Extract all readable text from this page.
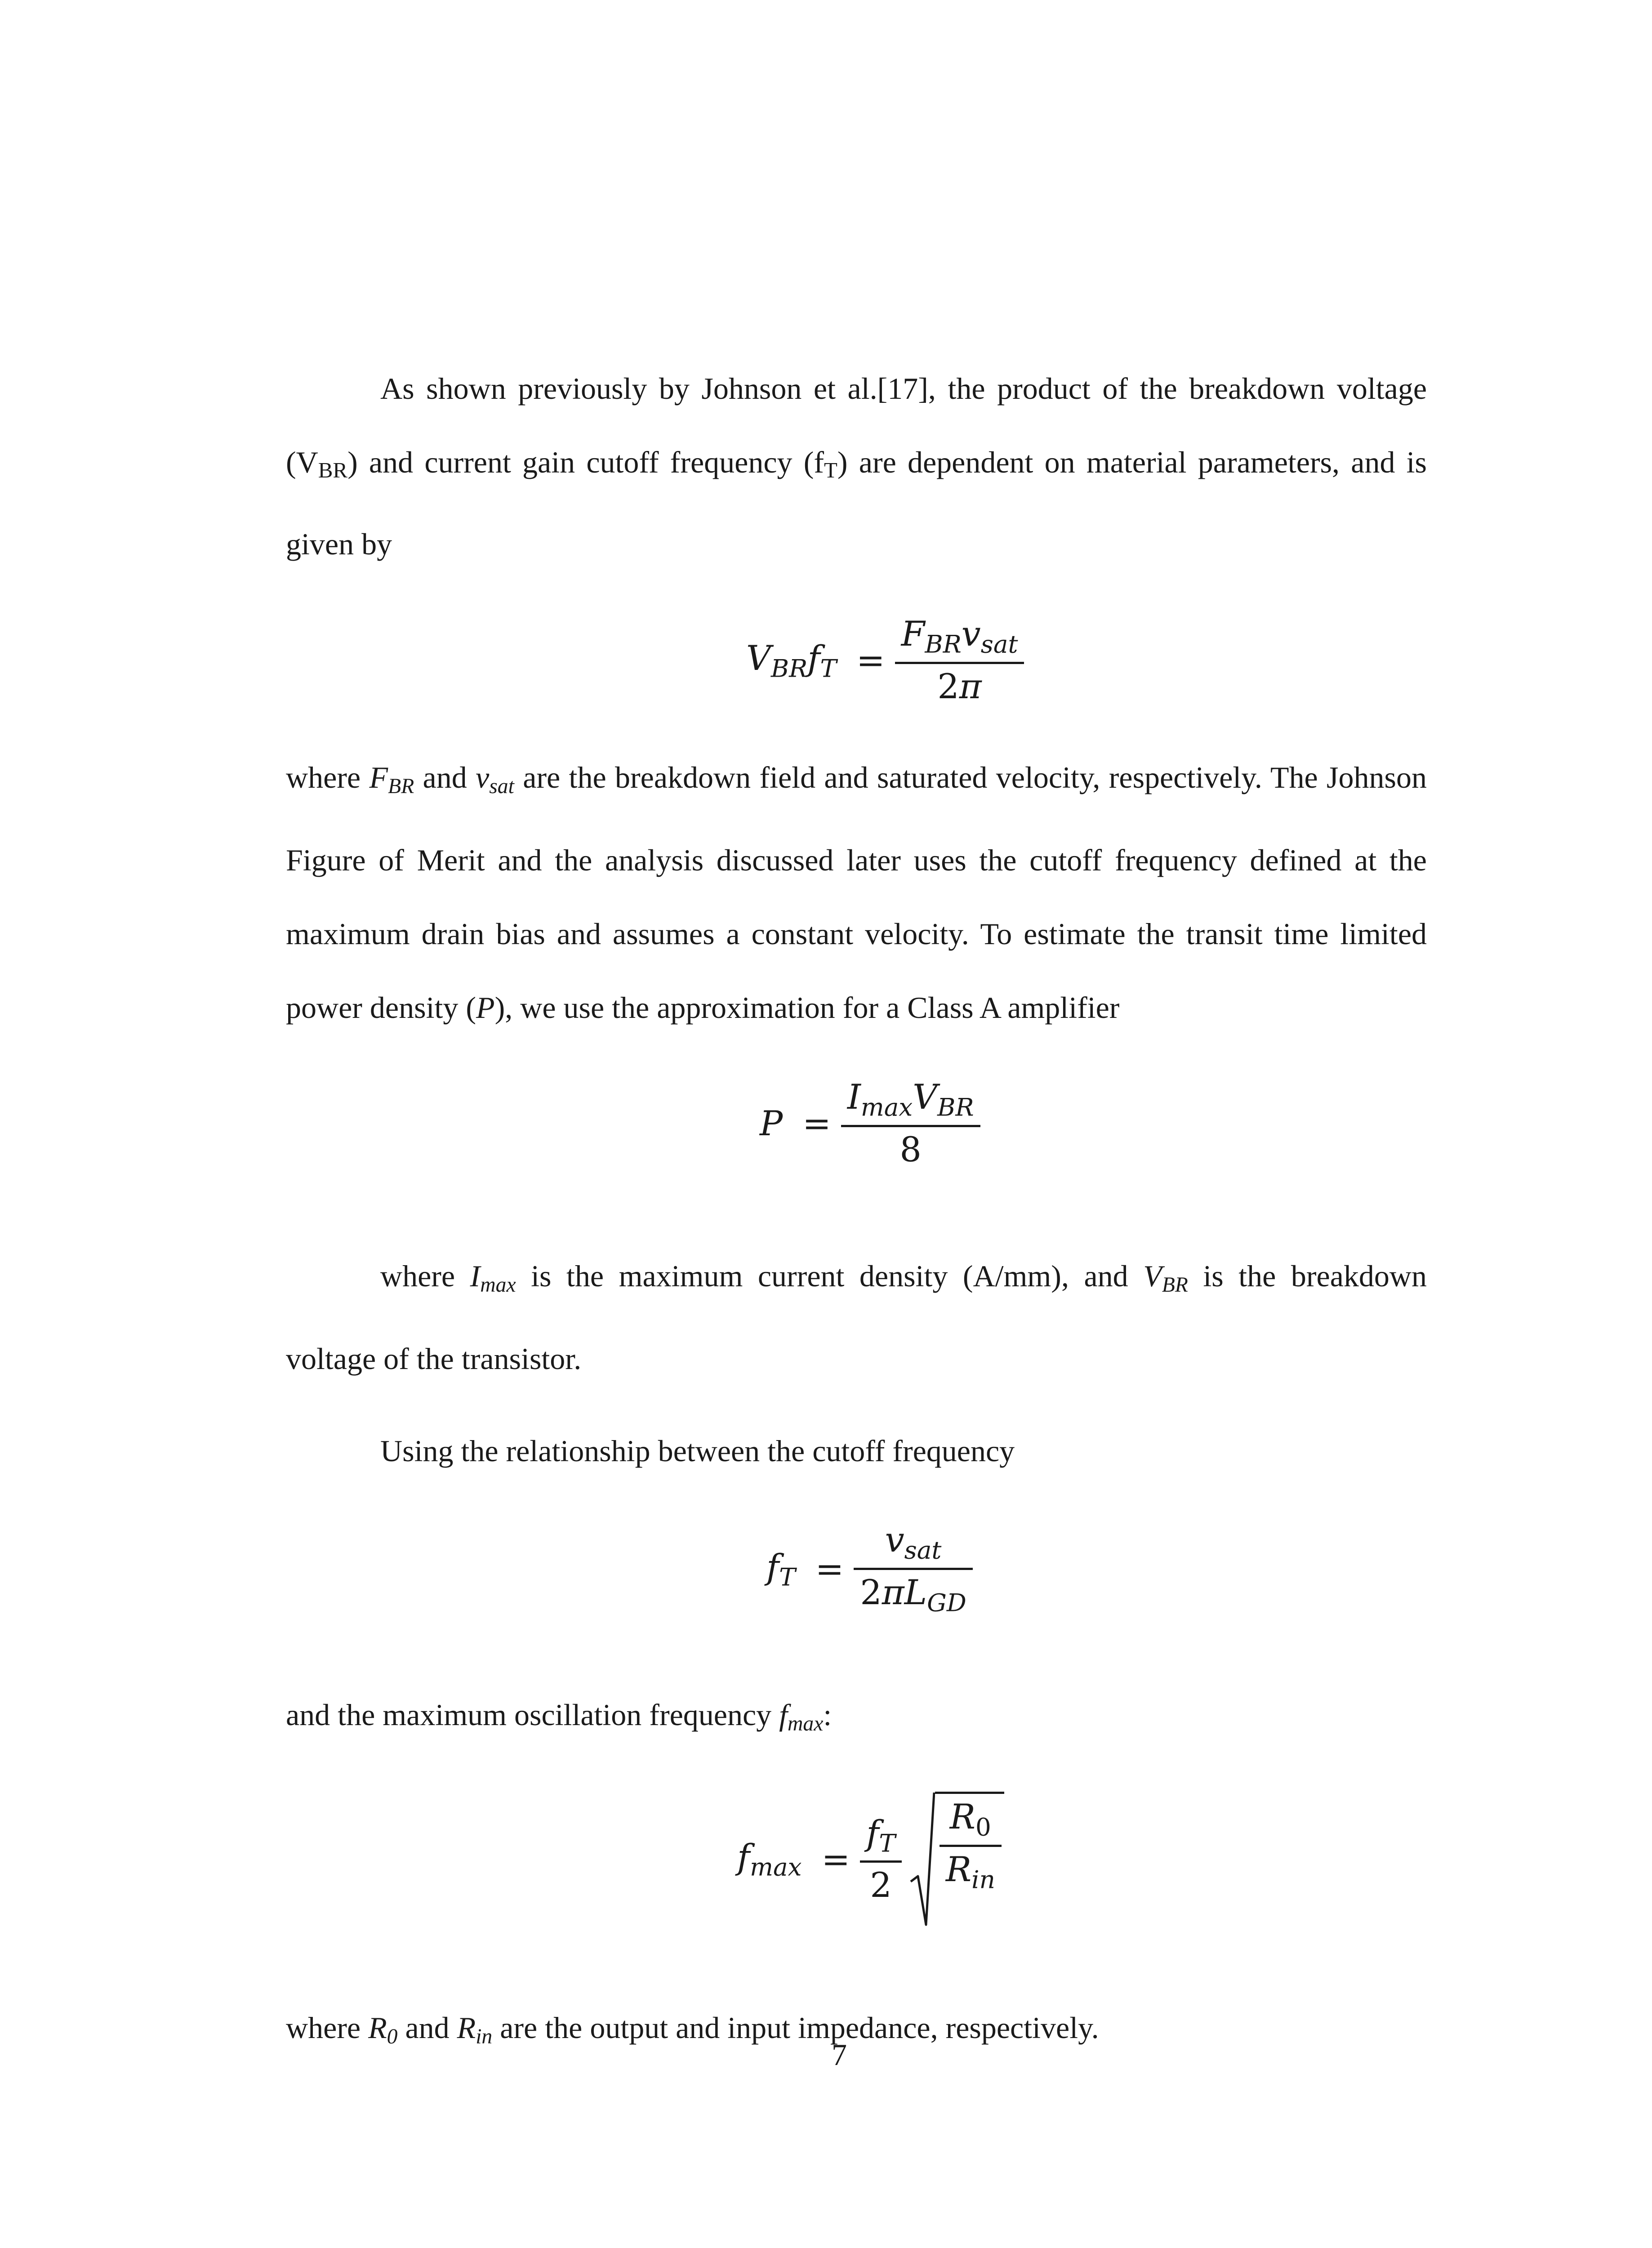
As shown previously by Johnson et al.[17], the product of the breakdown voltage $(V_{BR})$ and current gain cutoff frequency $(f_T)$ are dependent on material parameters, and is given by

$V_{BR}f_T$ =
$F_{BR}v_{sat}$
2π

where FBR and vsat are the breakdown field and saturated velocity, respectively. The Johnson Figure of Merit and the analysis discussed later uses the cutoff frequency defined at the maximum drain bias and assumes a constant velocity. To estimate the transit time limited power density (P), we use the approximation for a Class A amplifier

P =
$I_{max}V_{BR}$
8

where Imax is the maximum current density (A/mm), and VBR is the breakdown voltage of the transistor.

Using the relationship between the cutoff frequency

$f_T$ =
$v_{sat}$
$2\pi L_{GD}$

and the maximum oscillation frequency fmax:

$f_{max}$ =
$f_T$
2
$R_0$
$R_{in}$

where R0 and Rin are the output and input impedance, respectively.

7
